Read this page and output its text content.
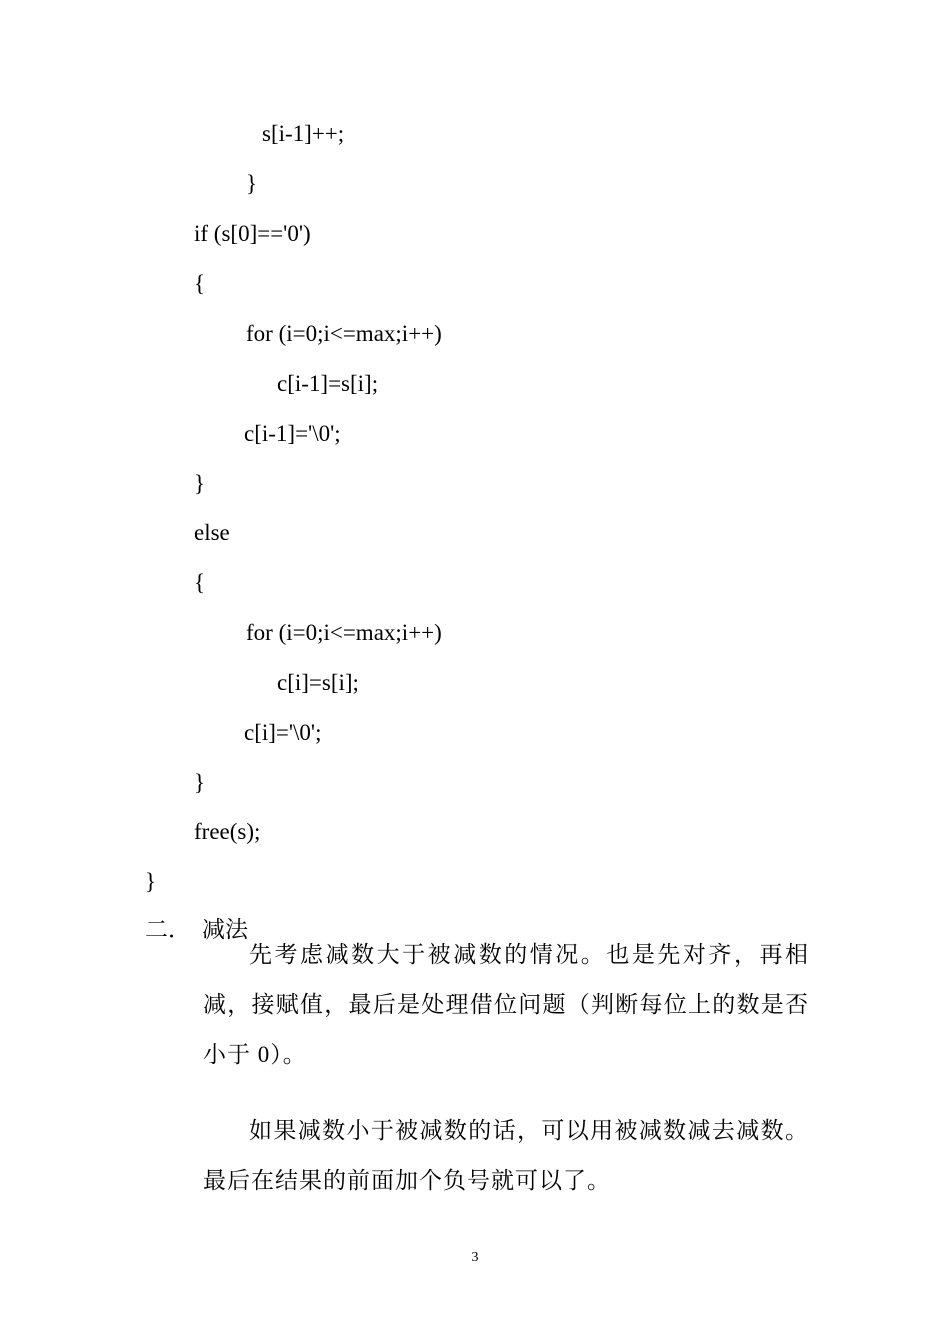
s[i-1]++;
}
if (s[0]=='0')
{
for (i=0;i<=max;i++)
c[i-1]=s[i];
c[i-1]='\0';
}
else
{
for (i=0;i<=max;i++)
c[i]=s[i];
c[i]='\0';
}
free(s);
}
二． 减法

先考虑减数大于被减数的情况。也是先对齐，再相减，接赋值，最后是处理借位问题（判断每位上的数是否小于 0）。

如果减数小于被减数的话，可以用被减数减去减数。最后在结果的前面加个负号就可以了。

3
